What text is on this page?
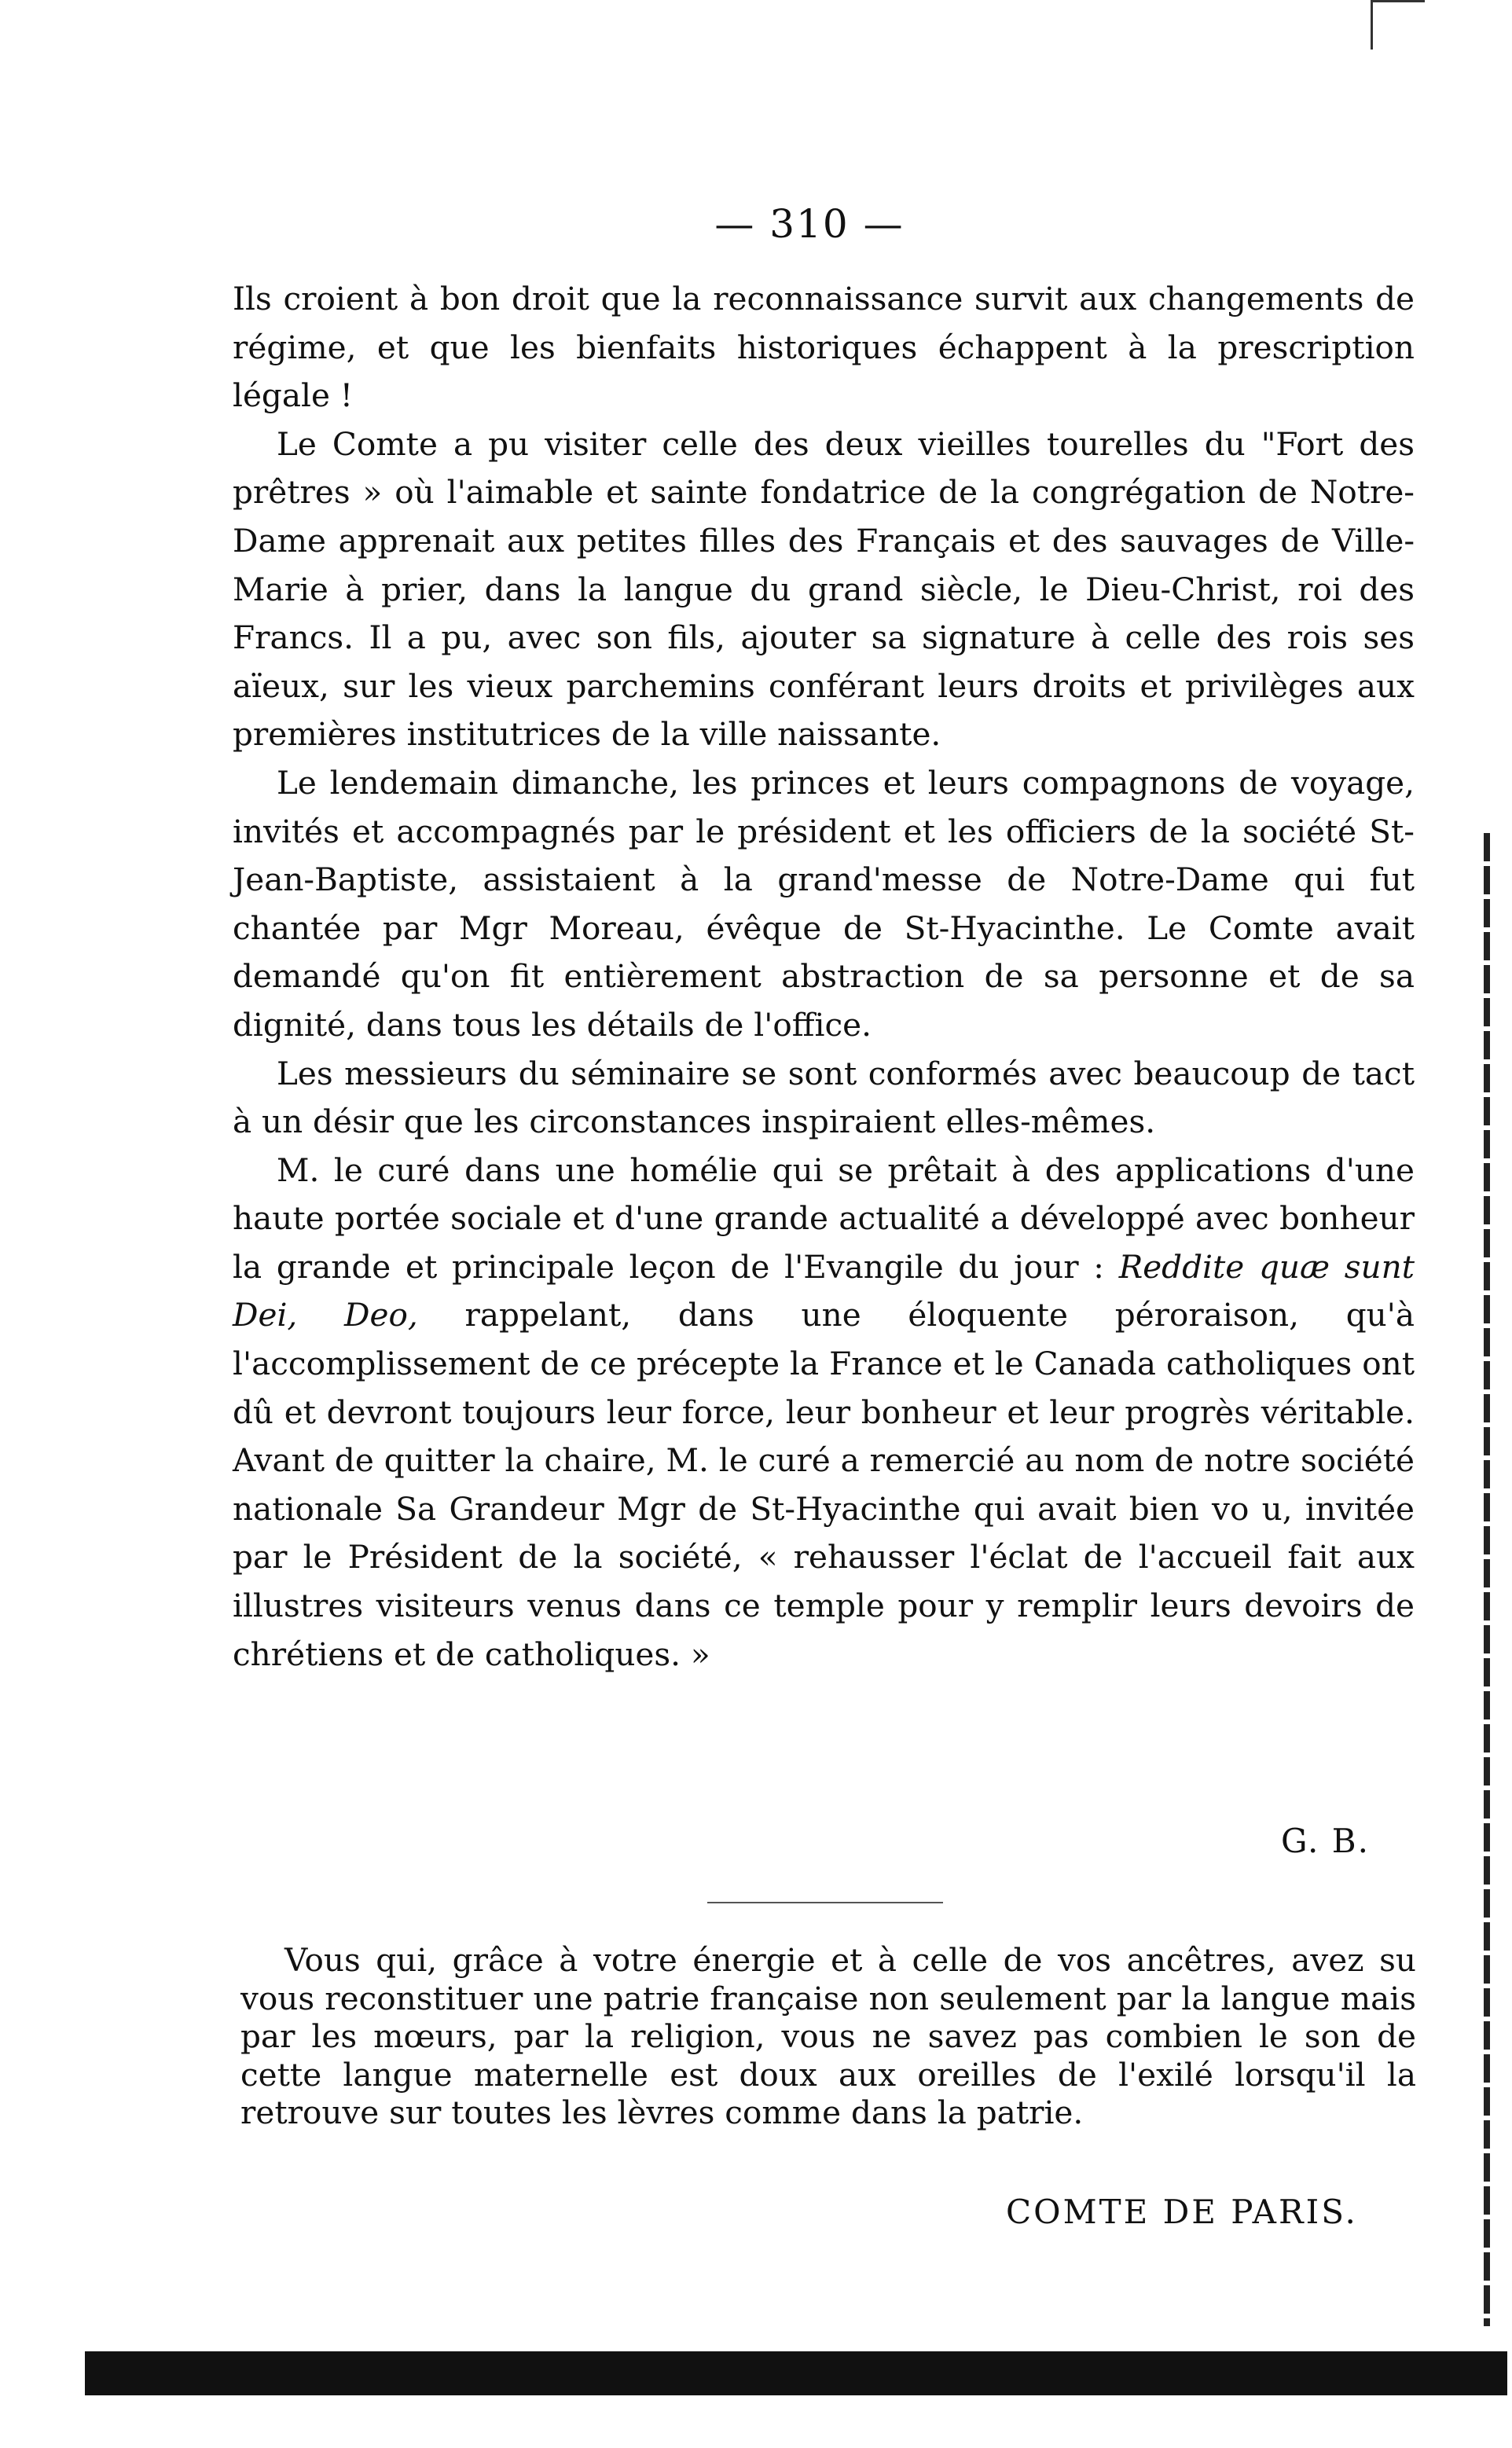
— 310 —

Ils croient à bon droit que la reconnaissance survit aux changements de régime, et que les bienfaits historiques échappent à la prescription légale !

Le Comte a pu visiter celle des deux vieilles tourelles du "Fort des prêtres » où l'aimable et sainte fondatrice de la congrégation de Notre-Dame apprenait aux petites filles des Français et des sauvages de Ville-Marie à prier, dans la langue du grand siècle, le Dieu-Christ, roi des Francs. Il a pu, avec son fils, ajouter sa signature à celle des rois ses aïeux, sur les vieux parchemins conférant leurs droits et privilèges aux premières institutrices de la ville naissante.

Le lendemain dimanche, les princes et leurs compagnons de voyage, invités et accompagnés par le président et les officiers de la société St-Jean-Baptiste, assistaient à la grand'messe de Notre-Dame qui fut chantée par Mgr Moreau, évêque de St-Hyacinthe. Le Comte avait demandé qu'on fit entièrement abstraction de sa personne et de sa dignité, dans tous les détails de l'office.

Les messieurs du séminaire se sont conformés avec beaucoup de tact à un désir que les circonstances inspiraient elles-mêmes.

M. le curé dans une homélie qui se prêtait à des applications d'une haute portée sociale et d'une grande actualité a développé avec bonheur la grande et principale leçon de l'Evangile du jour : Reddite quæ sunt Dei, Deo, rappelant, dans une éloquente péroraison, qu'à l'accomplissement de ce précepte la France et le Canada catholiques ont dû et devront toujours leur force, leur bonheur et leur progrès véritable. Avant de quitter la chaire, M. le curé a remercié au nom de notre société nationale Sa Grandeur Mgr de St-Hyacinthe qui avait bien vo u, invitée par le Président de la société, « rehausser l'éclat de l'accueil fait aux illustres visiteurs venus dans ce temple pour y remplir leurs devoirs de chrétiens et de catholiques. »

G. B.

Vous qui, grâce à votre énergie et à celle de vos ancêtres, avez su vous reconstituer une patrie française non seulement par la langue mais par les mœurs, par la religion, vous ne savez pas combien le son de cette langue maternelle est doux aux oreilles de l'exilé lorsqu'il la retrouve sur toutes les lèvres comme dans la patrie.

COMTE DE PARIS.
